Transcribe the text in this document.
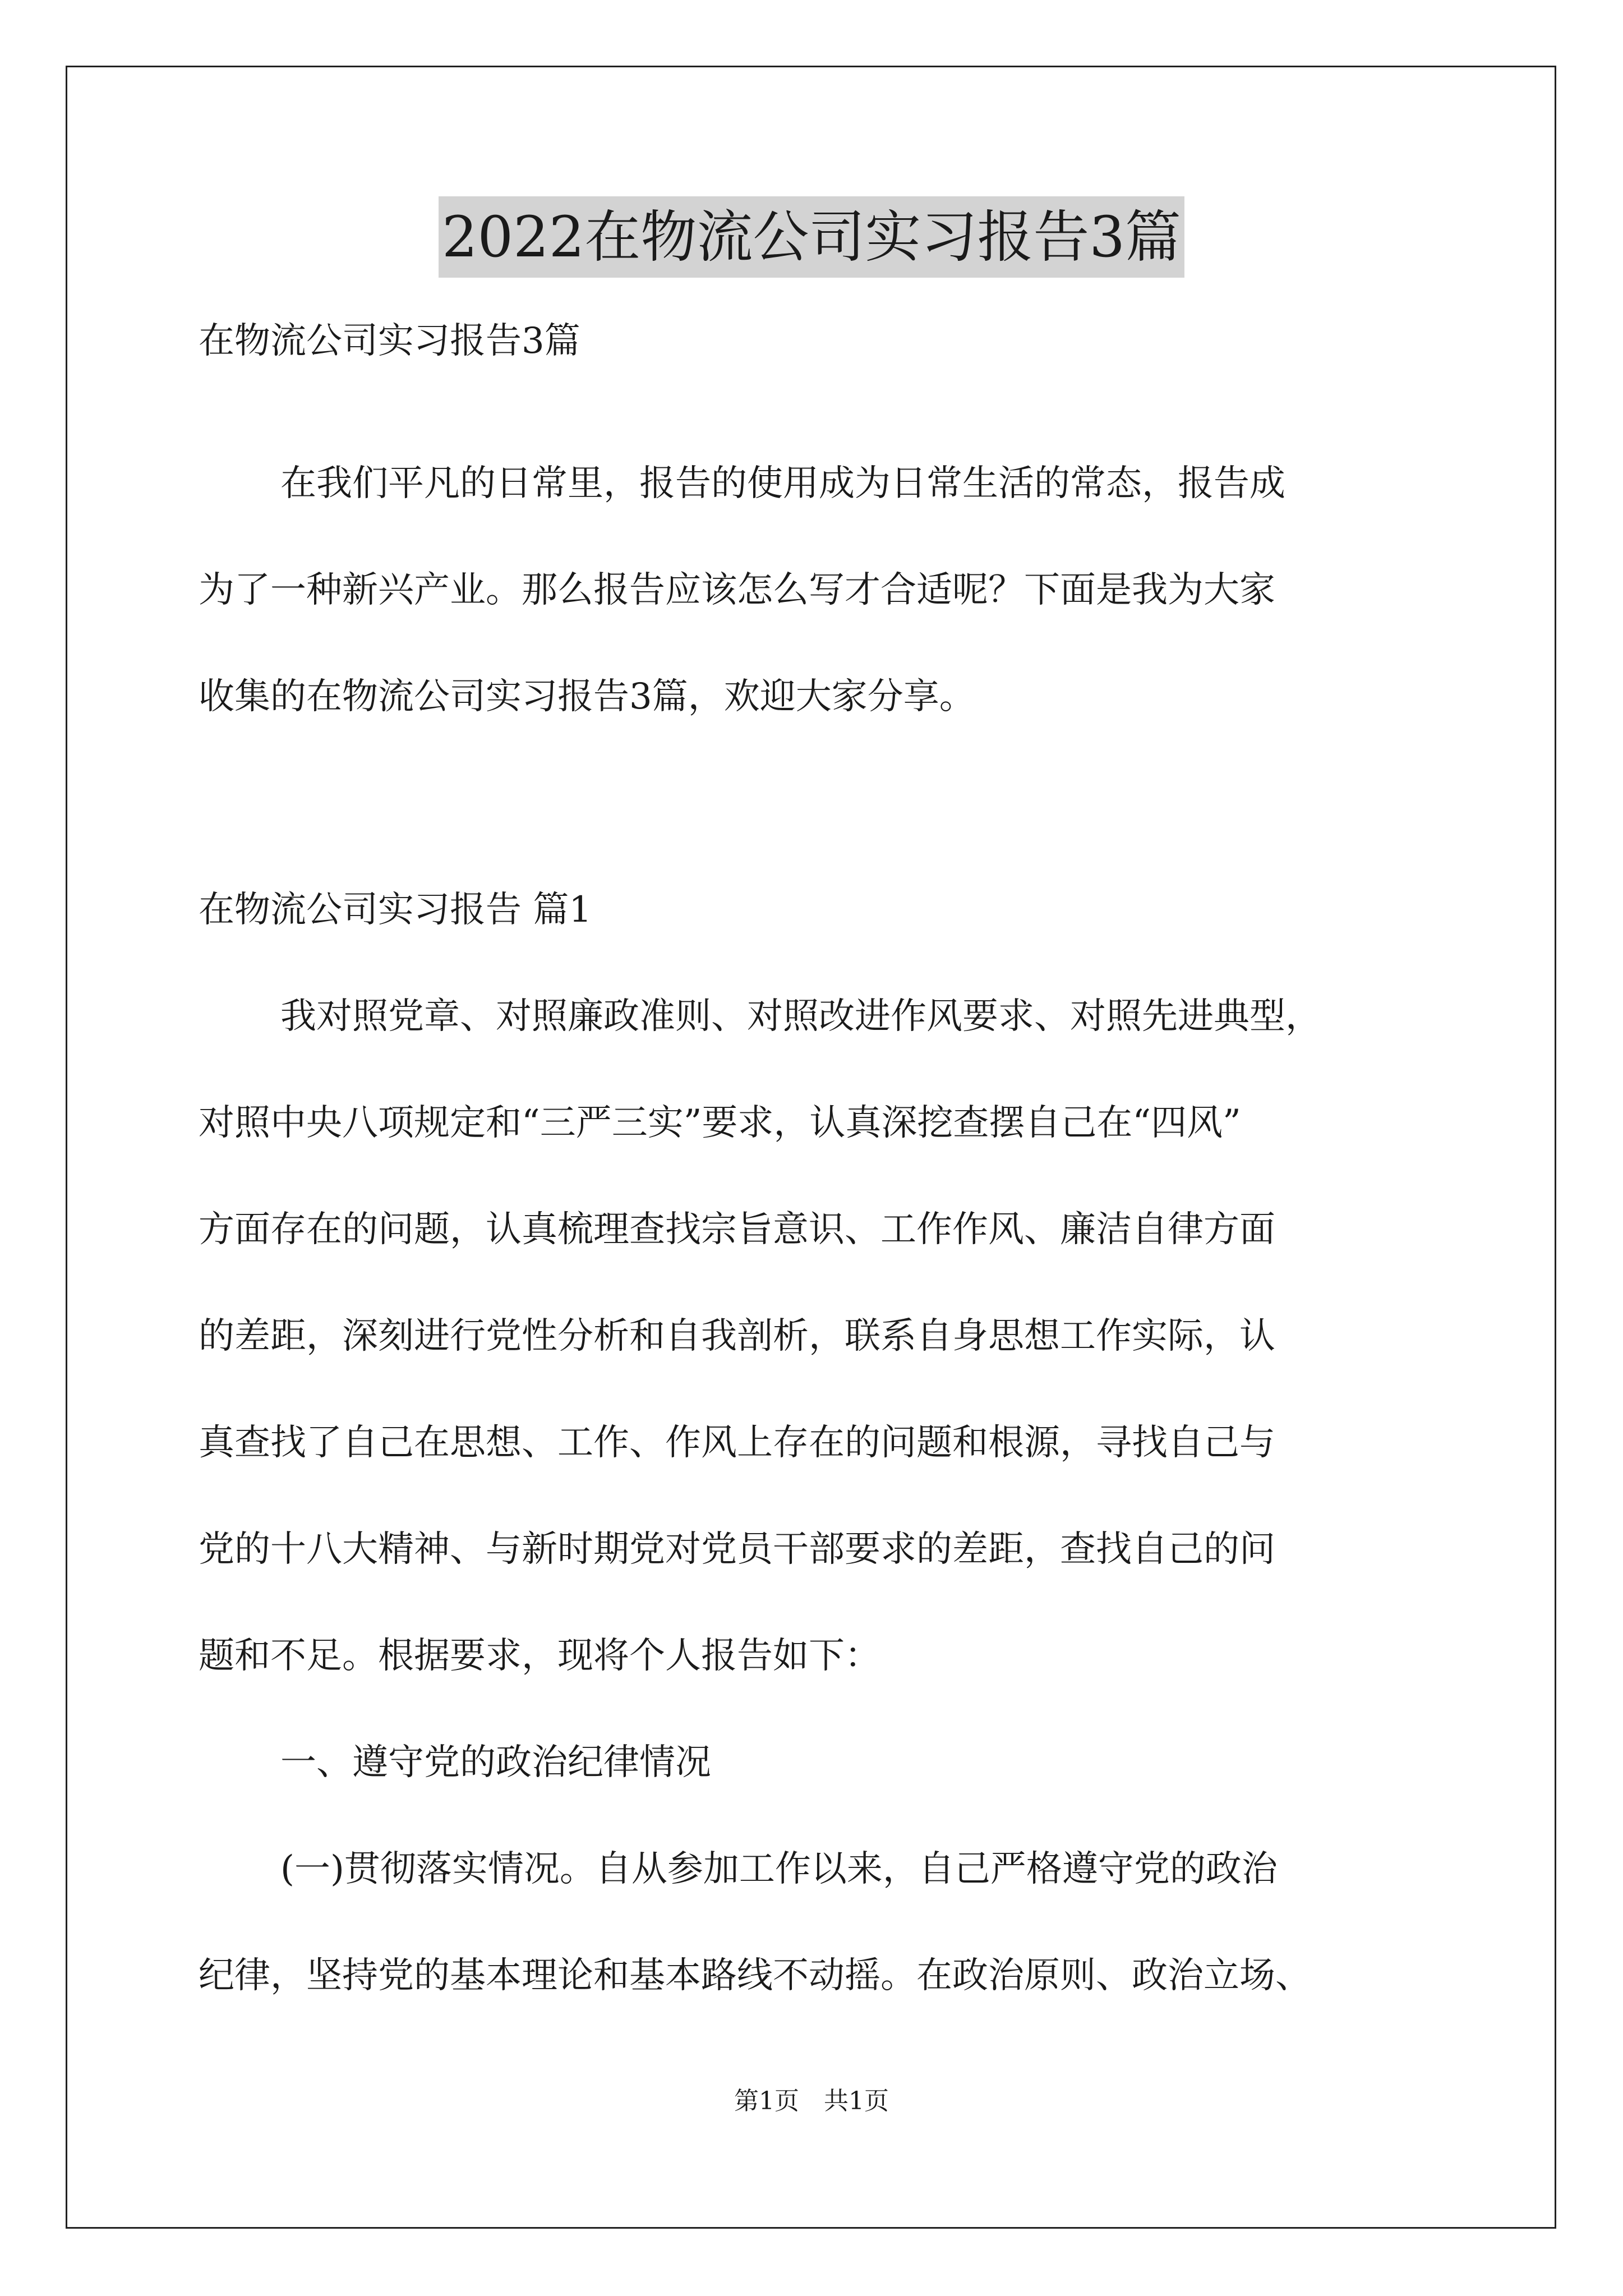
2022在物流公司实习报告3篇

在物流公司实习报告3篇

在我们平凡的日常里，报告的使用成为日常生活的常态，报告成

为了一种新兴产业。那么报告应该怎么写才合适呢？下面是我为大家

收集的在物流公司实习报告3篇，欢迎大家分享。

在物流公司实习报告 篇1

我对照党章、对照廉政准则、对照改进作风要求、对照先进典型，

对照中央八项规定和“三严三实”要求，认真深挖查摆自己在“四风”

方面存在的问题，认真梳理查找宗旨意识、工作作风、廉洁自律方面

的差距，深刻进行党性分析和自我剖析，联系自身思想工作实际，认

真查找了自己在思想、工作、作风上存在的问题和根源，寻找自己与

党的十八大精神、与新时期党对党员干部要求的差距，查找自己的问

题和不足。根据要求，现将个人报告如下：

一、遵守党的政治纪律情况

(一)贯彻落实情况。自从参加工作以来，自己严格遵守党的政治

纪律，坚持党的基本理论和基本路线不动摇。在政治原则、政治立场、

第1页　共1页
